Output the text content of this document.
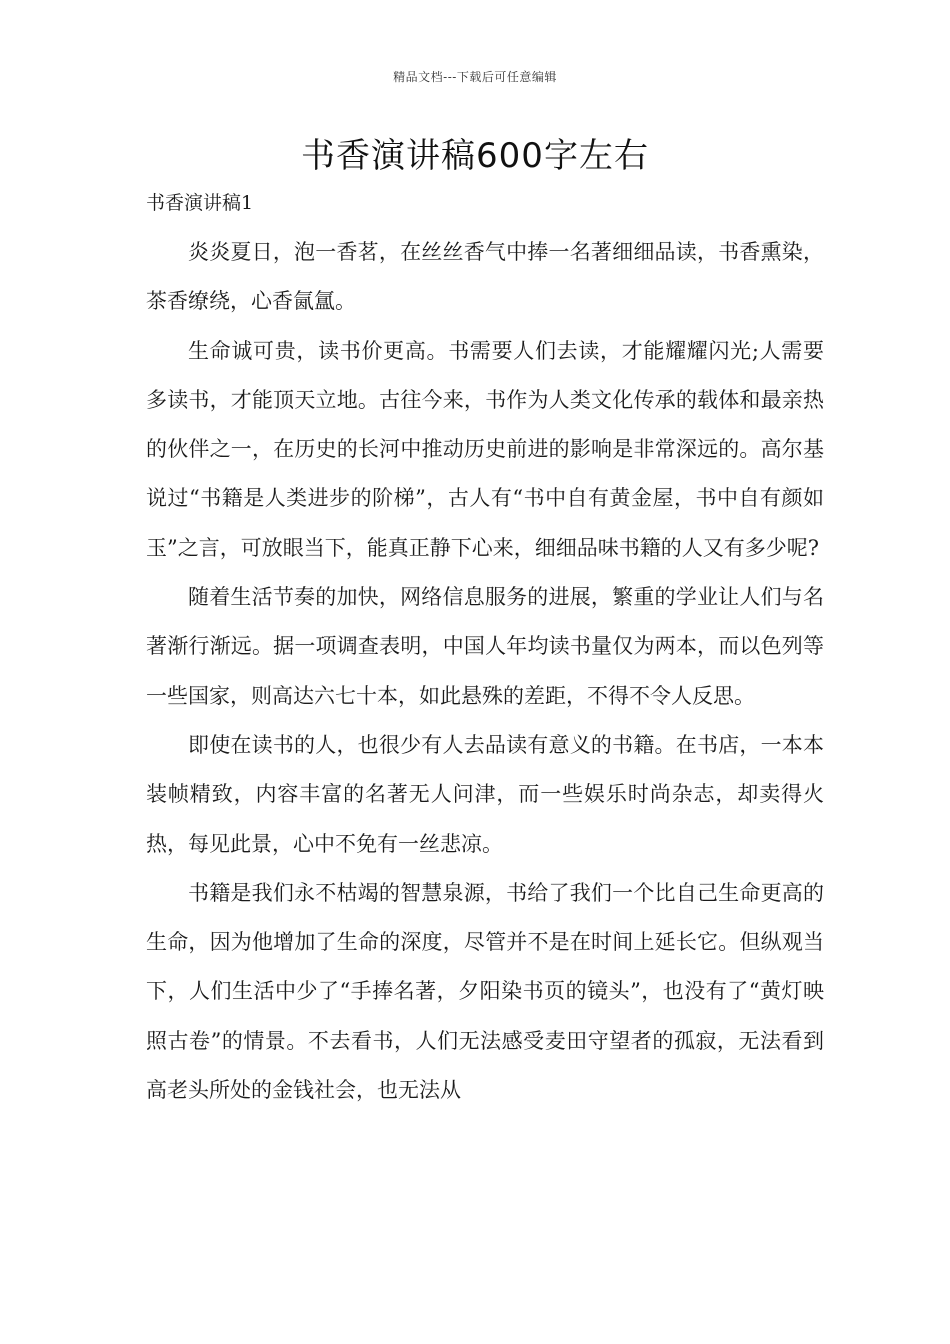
精品文档---下载后可任意编辑
书香演讲稿600字左右
书香演讲稿1

炎炎夏日，泡一香茗，在丝丝香气中捧一名著细细品读，书香熏染，茶香缭绕，心香氤氲。

生命诚可贵，读书价更高。书需要人们去读，才能耀耀闪光;人需要多读书，才能顶天立地。古往今来，书作为人类文化传承的载体和最亲热的伙伴之一，在历史的长河中推动历史前进的影响是非常深远的。高尔基说过“书籍是人类进步的阶梯”，古人有“书中自有黄金屋，书中自有颜如玉”之言，可放眼当下，能真正静下心来，细细品味书籍的人又有多少呢?

随着生活节奏的加快，网络信息服务的进展，繁重的学业让人们与名著渐行渐远。据一项调查表明，中国人年均读书量仅为两本，而以色列等一些国家，则高达六七十本，如此悬殊的差距，不得不令人反思。

即使在读书的人，也很少有人去品读有意义的书籍。在书店，一本本装帧精致，内容丰富的名著无人问津，而一些娱乐时尚杂志，却卖得火热，每见此景，心中不免有一丝悲凉。

书籍是我们永不枯竭的智慧泉源，书给了我们一个比自己生命更高的生命，因为他增加了生命的深度，尽管并不是在时间上延长它。但纵观当下，人们生活中少了“手捧名著，夕阳染书页的镜头”，也没有了“黄灯映照古卷”的情景。不去看书，人们无法感受麦田守望者的孤寂，无法看到高老头所处的金钱社会，也无法从
